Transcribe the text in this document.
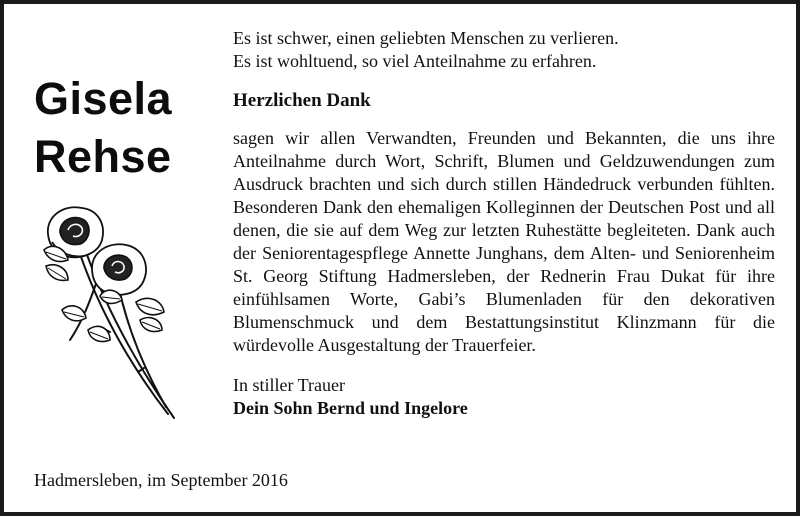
Gisela
Rehse

Es ist schwer, einen geliebten Menschen zu verlieren.

Es ist wohltuend, so viel Anteilnahme zu erfahren.

Herzlichen Dank

sagen wir allen Verwandten, Freunden und Bekannten, die uns ihre Anteilnahme durch Wort, Schrift, Blumen und Geldzuwendungen zum Ausdruck brachten und sich durch stillen Händedruck verbunden fühlten. Besonderen Dank den ehemaligen Kolleginnen der Deutschen Post und all denen, die sie auf dem Weg zur letzten Ruhestätte begleiteten. Dank auch der Seniorentagespflege Annette Junghans, dem Alten- und Seniorenheim St. Georg Stiftung Hadmersleben, der Rednerin Frau Dukat für ihre einfühlsamen Worte, Gabi’s Blumenladen für den dekorativen Blumenschmuck und dem Bestattungsinstitut Klinzmann für die würdevolle Ausgestaltung der Trauerfeier.

In stiller Trauer

Dein Sohn Bernd und Ingelore

Hadmersleben, im September 2016
